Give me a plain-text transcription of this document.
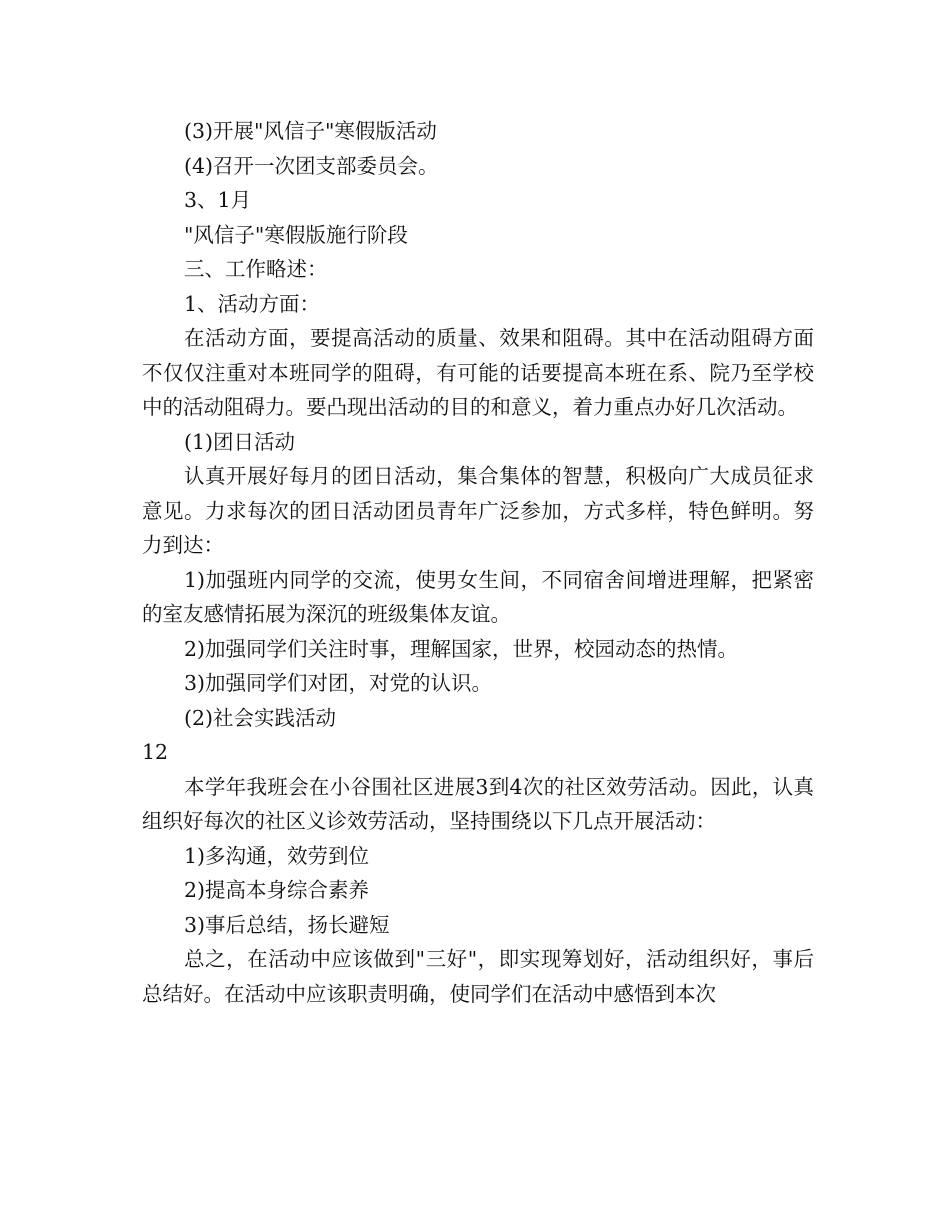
(3)开展"风信子"寒假版活动

(4)召开一次团支部委员会。

3、1月

"风信子"寒假版施行阶段

三、工作略述：

1、活动方面：

在活动方面，要提高活动的质量、效果和阻碍。其中在活动阻碍方面不仅仅注重对本班同学的阻碍，有可能的话要提高本班在系、院乃至学校中的活动阻碍力。要凸现出活动的目的和意义，着力重点办好几次活动。

(1)团日活动

认真开展好每月的团日活动，集合集体的智慧，积极向广大成员征求意见。力求每次的团日活动团员青年广泛参加，方式多样，特色鲜明。努力到达：

1)加强班内同学的交流，使男女生间，不同宿舍间增进理解，把紧密的室友感情拓展为深沉的班级集体友谊。

2)加强同学们关注时事，理解国家，世界，校园动态的热情。

3)加强同学们对团，对党的认识。

(2)社会实践活动

12

本学年我班会在小谷围社区进展3到4次的社区效劳活动。因此，认真组织好每次的社区义诊效劳活动，坚持围绕以下几点开展活动：

1)多沟通，效劳到位

2)提高本身综合素养

3)事后总结，扬长避短

总之，在活动中应该做到"三好"，即实现筹划好，活动组织好，事后总结好。在活动中应该职责明确，使同学们在活动中感悟到本次
